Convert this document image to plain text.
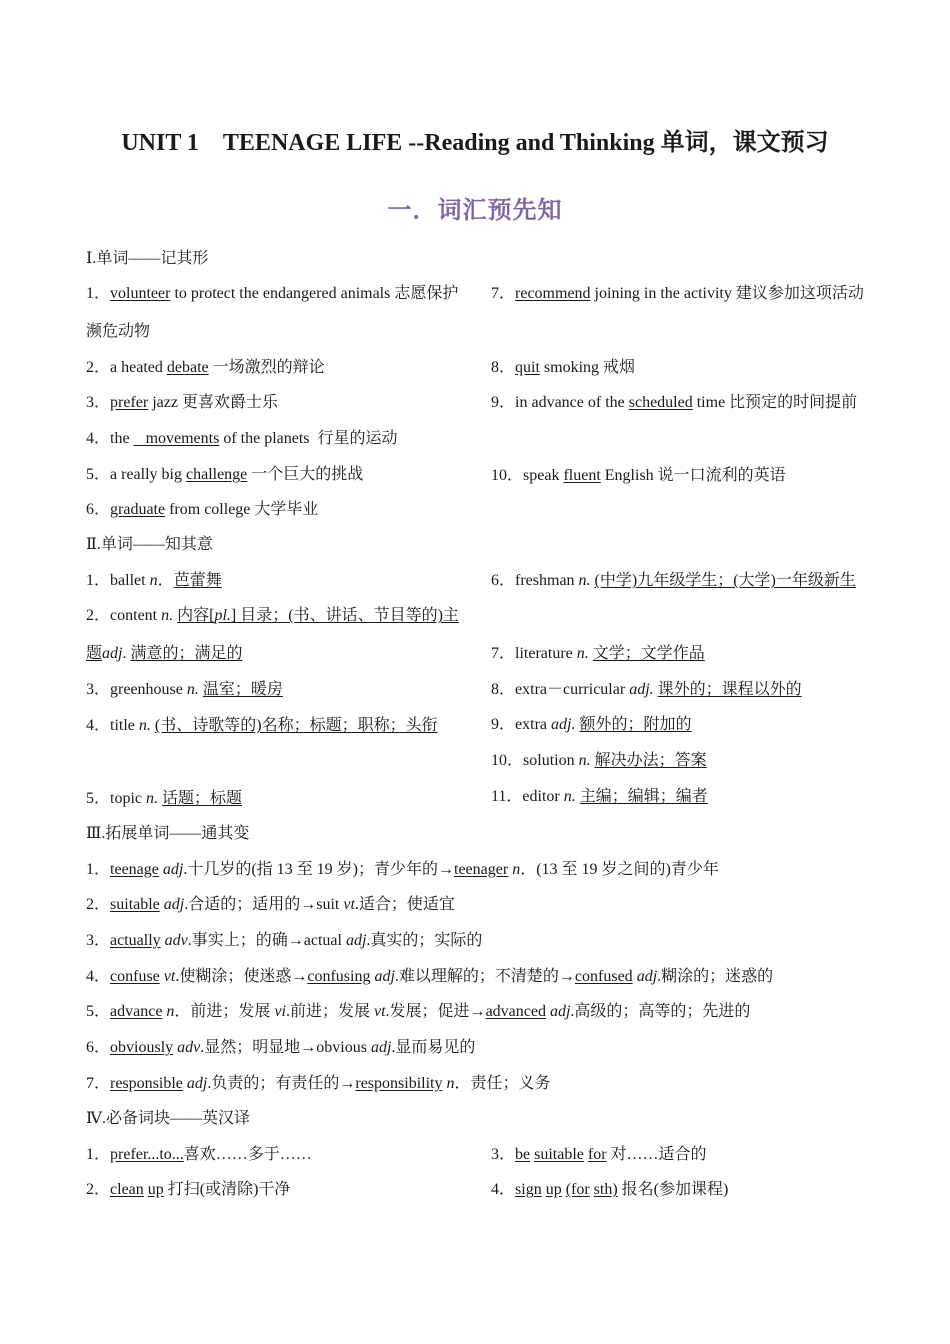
UNIT 1　TEENAGE LIFE --Reading and Thinking 单词，课文预习
一．词汇预先知
Ⅰ.单词——记其形
1．volunteer to protect the endangered animals 志愿保护濒危动物
2．a heated debate 一场激烈的辩论
3．prefer jazz 更喜欢爵士乐
4．the    movements of the planets  行星的运动
5．a really big challenge 一个巨大的挑战
6．graduate from college 大学毕业
7．recommend joining in the activity 建议参加这项活动
8．quit smoking 戒烟
9．in advance of the scheduled time 比预定的时间提前
10．speak fluent English 说一口流利的英语
Ⅱ.单词——知其意
1．ballet n．芭蕾舞
2．content n. 内容[pl.] 目录；(书、讲话、节目等的)主题adj. 满意的；满足的
3．greenhouse n. 温室；暖房
4．title n. (书、诗歌等的)名称；标题；职称；头衔
5．topic n. 话题；标题
6．freshman n. (中学)九年级学生；(大学)一年级新生
7．literature n. 文学；文学作品
8．extra－curricular adj. 课外的；课程以外的
9．extra adj. 额外的；附加的
10．solution n. 解决办法；答案
11．editor n. 主编；编辑；编者
Ⅲ.拓展单词——通其变
1．teenage adj.十几岁的(指 13 至 19 岁)；青少年的→teenager n．(13 至 19 岁之间的)青少年
2．suitable adj.合适的；适用的→suit vt.适合；使适宜
3．actually adv.事实上；的确→actual adj.真实的；实际的
4．confuse vt.使糊涂；使迷惑→confusing adj.难以理解的；不清楚的→confused adj.糊涂的；迷惑的
5．advance n．前进；发展 vi.前进；发展 vt.发展；促进→advanced adj.高级的；高等的；先进的
6．obviously adv.显然；明显地→obvious adj.显而易见的
7．responsible adj.负责的；有责任的→responsibility n．责任；义务
Ⅳ.必备词块——英汉译
1．prefer...to...喜欢……多于……
2．clean up 打扫(或清除)干净
3．be suitable for 对……适合的
4．sign up (for sth) 报名(参加课程)
